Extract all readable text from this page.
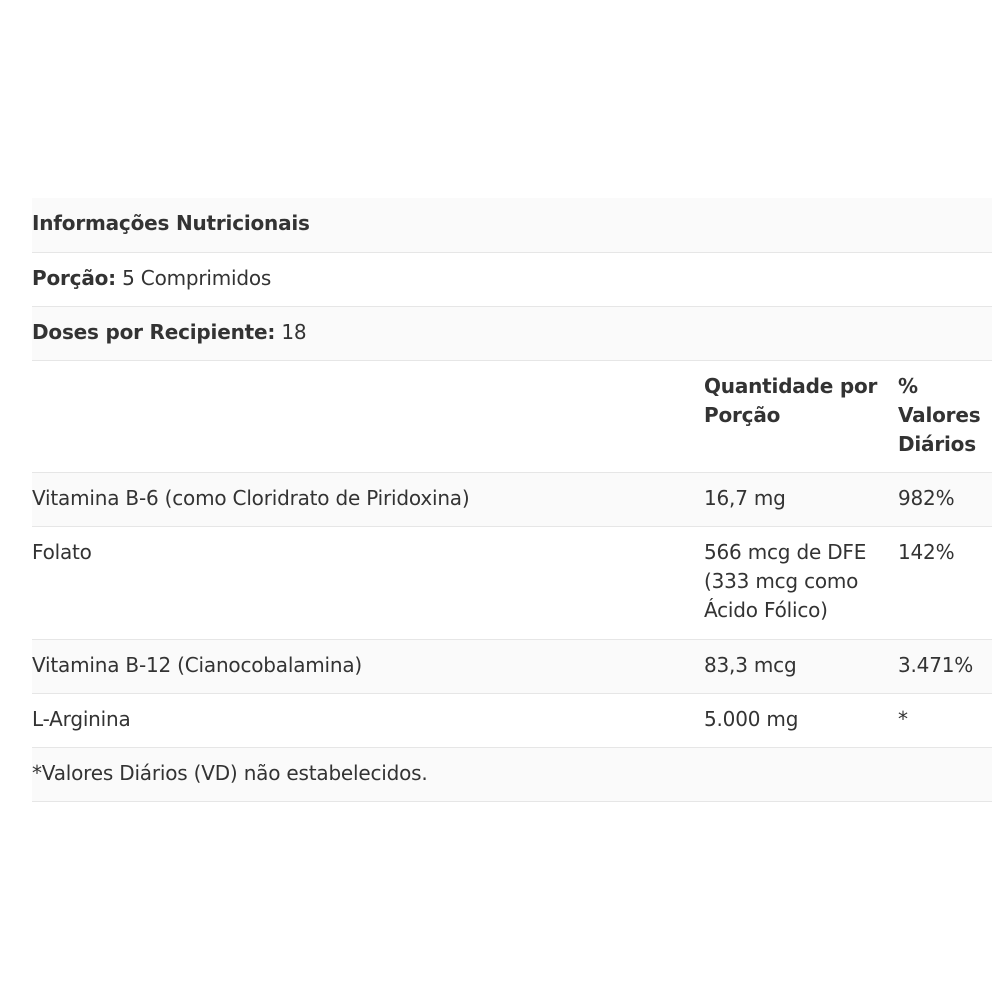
Informações Nutricionais		
Porção: 5 Comprimidos		
Doses por Recipiente: 18		
	Quantidade por Porção	% Valores Diários
Vitamina B-6 (como Cloridrato de Piridoxina)	16,7 mg	982%
Folato	566 mcg de DFE (333 mcg como Ácido Fólico)	142%
Vitamina B-12 (Cianocobalamina)	83,3 mcg	3.471%
L-Arginina	5.000 mg	*
*Valores Diários (VD) não estabelecidos.		
